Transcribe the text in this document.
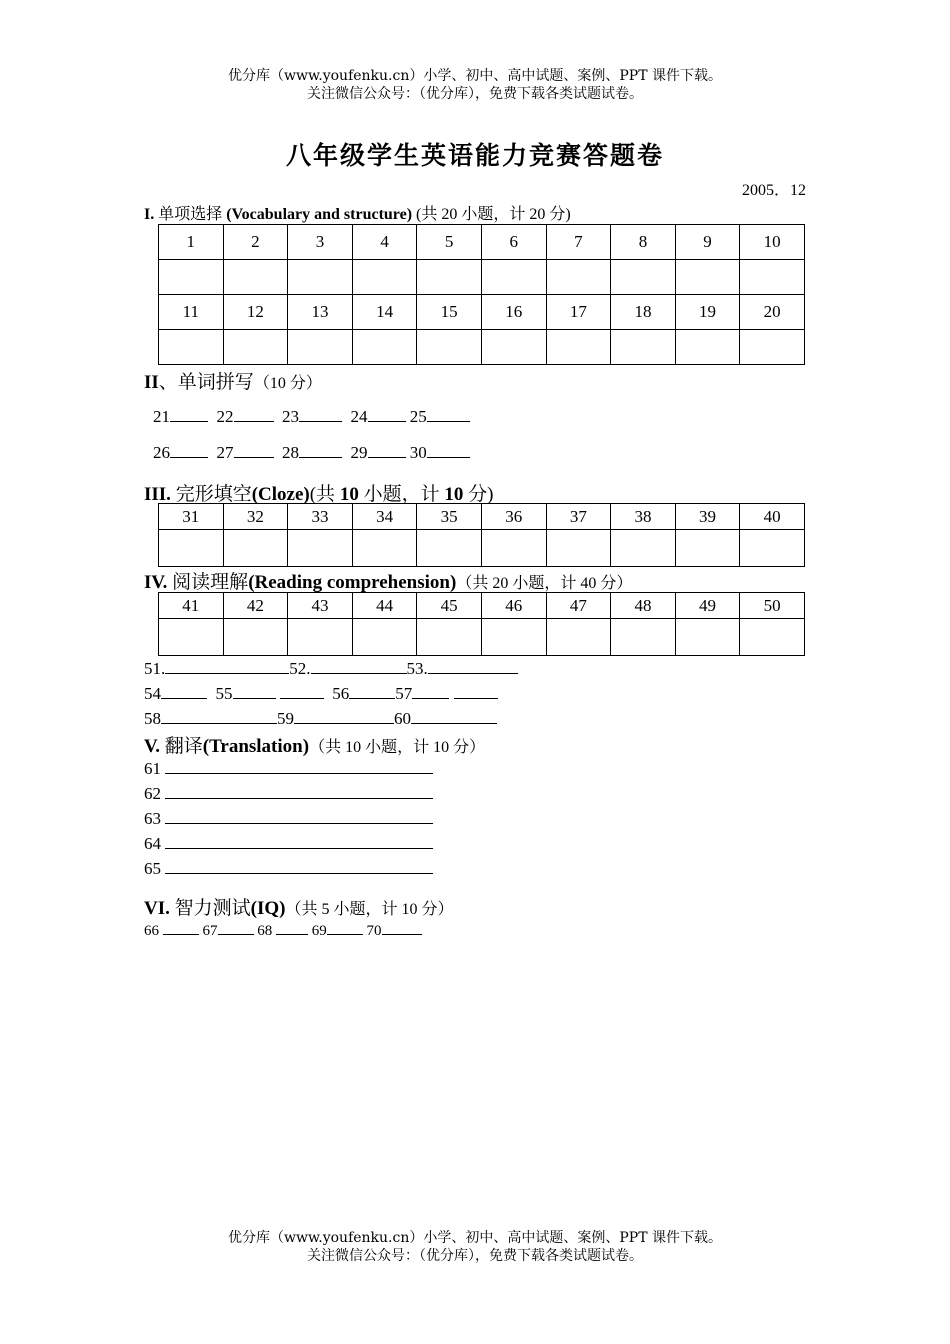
优分库（www.youfenku.cn）小学、初中、高中试题、案例、PPT 课件下载。
关注微信公众号：（优分库），免费下载各类试题试卷。
八年级学生英语能力竞赛答题卷
2005．12
I. 单项选择 (Vocabulary and structure) (共 20 小题，计 20 分)
1	2	3	4	5	6	7	8	9	10

11	12	13	14	15	16	17	18	19	20

II、单词拼写（10 分）
21	22	23	24 25
26	27	28	29 30
III. 完形填空(Cloze)(共 10 小题，计 10 分)
31	32	33	34	35	36	37	38	39	40

IV. 阅读理解(Reading comprehension)（共 20 小题，计 40 分）
41	42	43	44	45	46	47	48	49	50

51.	52.	53.
54	55	56	57
58	59	60
V. 翻译(Translation)（共 10 小题，计 10 分）
61
62
63
64
65
VI. 智力测试(IQ)（共 5 小题，计 10 分）
66	67	68	69	70
优分库（www.youfenku.cn）小学、初中、高中试题、案例、PPT 课件下载。
关注微信公众号：（优分库），免费下载各类试题试卷。
